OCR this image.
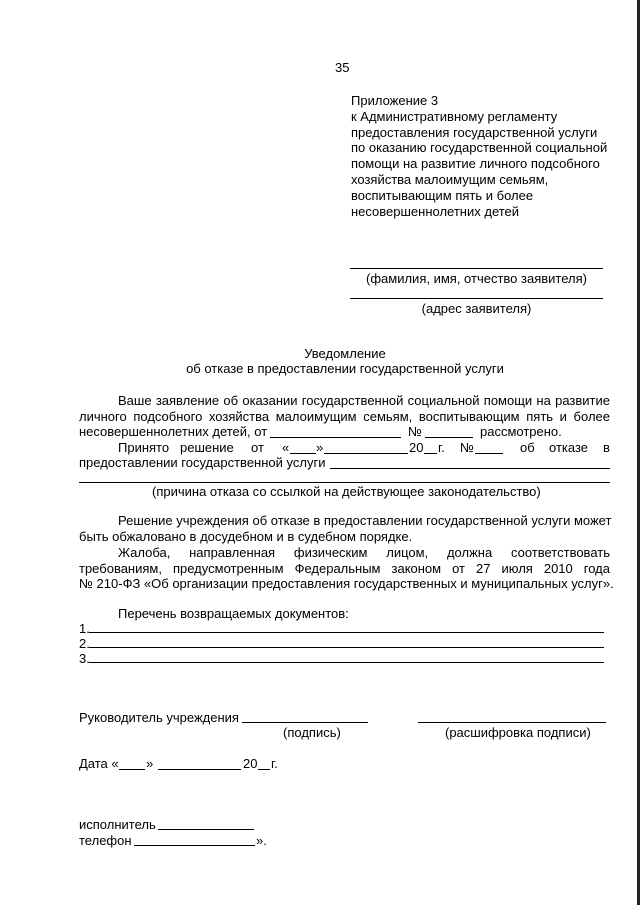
35
Приложение 3
к Административному регламенту
предоставления государственной услуги
по оказанию государственной социальной
помощи на развитие личного подсобного
хозяйства малоимущим семьям,
воспитывающим пять и более
несовершеннолетних детей
(фамилия, имя, отчество заявителя)
(адрес заявителя)
Уведомление
об отказе в предоставлении государственной услуги
Ваше заявление об оказании государственной социальной помощи на развитие
личного подсобного хозяйства малоимущим семьям, воспитывающим пять и более
несовершеннолетних детей, от	№	рассмотрено.
Принято решение от « »	20 г. №	об отказе в
предоставлении государственной услуги
(причина отказа со ссылкой на действующее законодательство)
Решение учреждения об отказе в предоставлении государственной услуги может
быть обжаловано в досудебном и в судебном порядке.
Жалоба, направленная физическим лицом, должна соответствовать
требованиям, предусмотренным Федеральным законом от 27 июля 2010 года
№ 210-ФЗ «Об организации предоставления государственных и муниципальных услуг».
Перечень возвращаемых документов:
1.
2.
3.
Руководитель учреждения
(подпись)	(расшифровка подписи)
Дата « »	20 г.
исполнитель
телефон	».
